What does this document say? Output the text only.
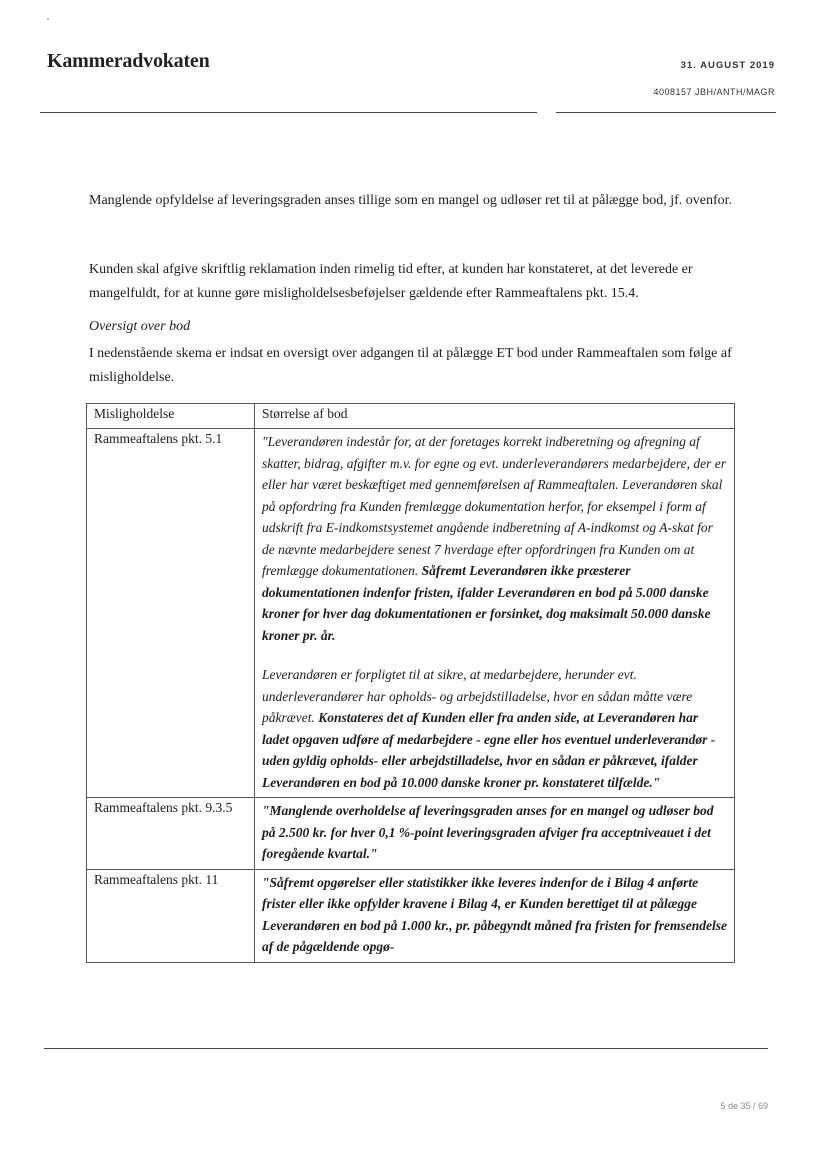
Kammeradvokaten	31. AUGUST 2019
4008157 JBH/ANTH/MAGR
Manglende opfyldelse af leveringsgraden anses tillige som en mangel og udløser ret til at pålægge bod, jf. ovenfor.
Kunden skal afgive skriftlig reklamation inden rimelig tid efter, at kunden har konstateret, at det leverede er mangelfuldt, for at kunne gøre misligholdelsesbeføjelser gældende efter Rammeaftalens pkt. 15.4.
Oversigt over bod
I nedenstående skema er indsat en oversigt over adgangen til at pålægge ET bod under Rammeaftalen som følge af misligholdelse.
Misligholdelse	Størrelse af bod
Rammeaftalens pkt. 5.1	"Leverandøren indestår for, at der foretages korrekt indberetning og afregning af skatter, bidrag, afgifter m.v. for egne og evt. underleverandørers medarbejdere, der er eller har været beskæftiget med gennemførelsen af Rammeaftalen. Leverandøren skal på opfordring fra Kunden fremlægge dokumentation herfor, for eksempel i form af udskrift fra E-indkomstsystemet angående indberetning af A-indkomst og A-skat for de nævnte medarbejdere senest 7 hverdage efter opfordringen fra Kunden om at fremlægge dokumentationen. Såfremt Leverandøren ikke præsterer dokumentationen indenfor fristen, ifalder Leverandøren en bod på 5.000 danske kroner for hver dag dokumentationen er forsinket, dog maksimalt 50.000 danske kroner pr. år.
Leverandøren er forpligtet til at sikre, at medarbejdere, herunder evt. underleverandører har opholds- og arbejdstilladelse, hvor en sådan måtte være påkrævet. Konstateres det af Kunden eller fra anden side, at Leverandøren har ladet opgaven udføre af medarbejdere - egne eller hos eventuel underleverandør - uden gyldig opholds- eller arbejdstilladelse, hvor en sådan er påkrævet, ifalder Leverandøren en bod på 10.000 danske kroner pr. konstateret tilfælde."
Rammeaftalens pkt. 9.3.5	"Manglende overholdelse af leveringsgraden anses for en mangel og udløser bod på 2.500 kr. for hver 0,1 %-point leveringsgraden afviger fra acceptniveauet i det foregående kvartal."
Rammeaftalens pkt. 11	"Såfremt opgørelser eller statistikker ikke leveres indenfor de i Bilag 4 anførte frister eller ikke opfylder kravene i Bilag 4, er Kunden berettiget til at pålægge Leverandøren en bod på 1.000 kr., pr. påbegyndt måned fra fristen for fremsendelse af de pågældende opgø-
5 de 35 / 69
